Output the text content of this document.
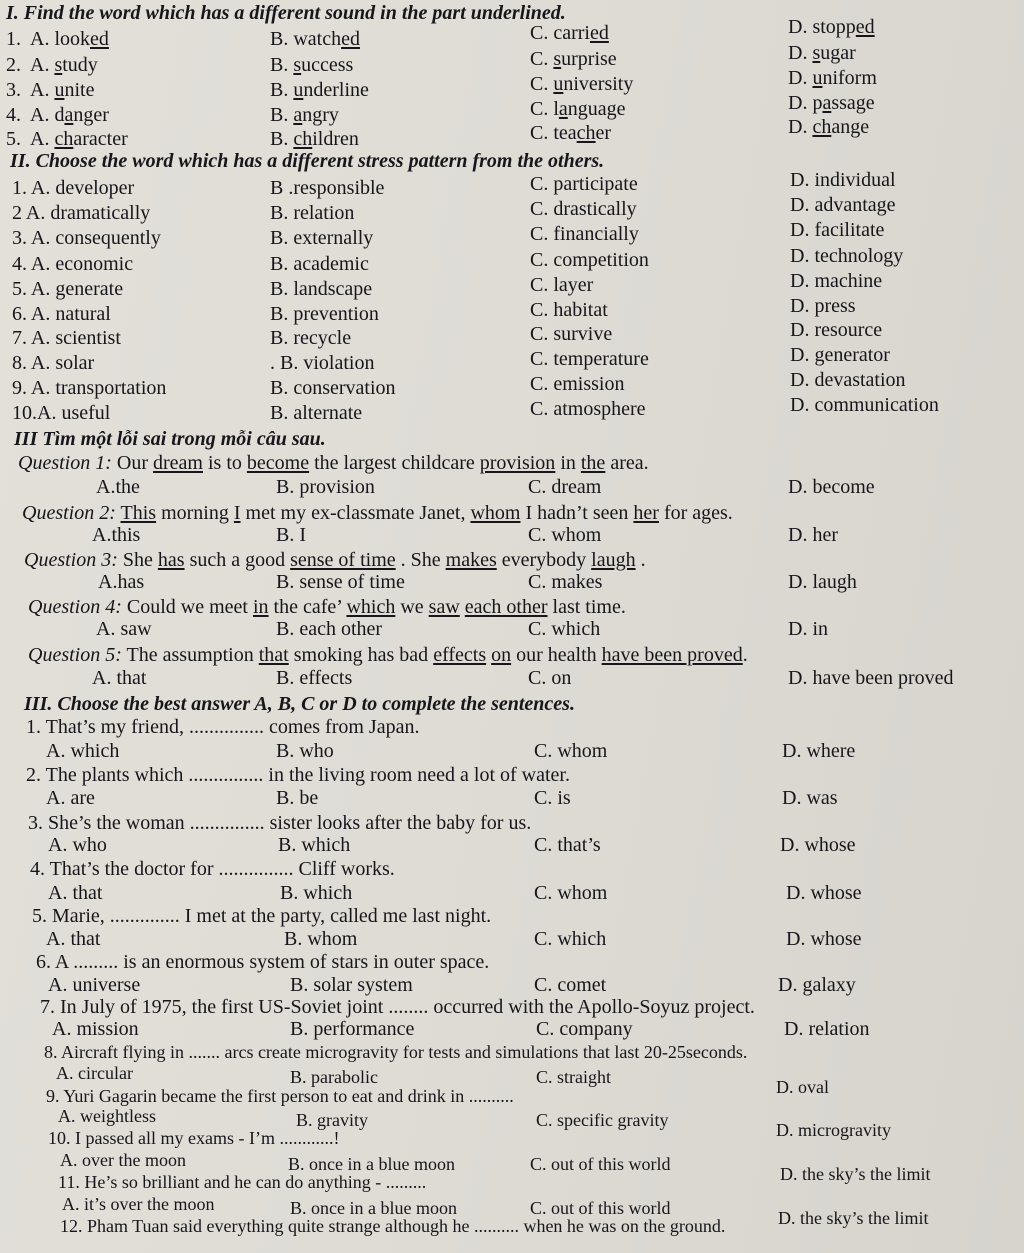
I. Find the word which has a different sound in the part underlined.
1. A. looked	B. watched	C. carried	D. stopped
2. A. study	B. success	C. surprise	D. sugar
3. A. unite	B. underline	C. university	D. uniform
4. A. danger	B. angry	C. language	D. passage
5. A. character	B. children	C. teacher	D. change
II. Choose the word which has a different stress pattern from the others.
1. A. developer	B .responsible	C. participate	D. individual
2 A. dramatically	B. relation	C. drastically	D. advantage
3. A. consequently	B. externally	C. financially	D. facilitate
4. A. economic	B. academic	C. competition	D. technology
5. A. generate	B. landscape	C. layer	D. machine
6. A. natural	B. prevention	C. habitat	D. press
7. A. scientist	B. recycle	C. survive	D. resource
8. A. solar	. B. violation	C. temperature	D. generator
9. A. transportation	B. conservation	C. emission	D. devastation
10.A. useful	B. alternate	C. atmosphere	D. communication
III Tìm một lỗi sai trong mỗi câu sau.
Question 1: Our dream is to become the largest childcare provision in the area.
A.the	B. provision	C. dream	D. become
Question 2: This morning I met my ex-classmate Janet, whom I hadn’t seen her for ages.
A.this	B. I	C. whom	D. her
Question 3: She has such a good sense of time . She makes everybody laugh .
A.has	B. sense of time	C. makes	D. laugh
Question 4: Could we meet in the cafe’ which we saw each other last time.
A. saw	B. each other	C. which	D. in
Question 5: The assumption that smoking has bad effects on our health have been proved.
A. that	B. effects	C. on	D. have been proved
III. Choose the best answer A, B, C or D to complete the sentences.
1. That’s my friend, ............... comes from Japan.
A. which	B. who	C. whom	D. where
2. The plants which ............... in the living room need a lot of water.
A. are	B. be	C. is	D. was
3. She’s the woman ............... sister looks after the baby for us.
A. who	B. which	C. that’s	D. whose
4. That’s the doctor for ............... Cliff works.
A. that	B. which	C. whom	D. whose
5. Marie, .............. I met at the party, called me last night.
A. that	B. whom	C. which	D. whose
6. A ......... is an enormous system of stars in outer space.
A. universe	B. solar system	C. comet	D. galaxy
7. In July of 1975, the first US-Soviet joint ........ occurred with the Apollo-Soyuz project.
A. mission	B. performance	C. company	D. relation
8. Aircraft flying in ....... arcs create microgravity for tests and simulations that last 20-25seconds.
A. circular	B. parabolic	C. straight	D. oval
9. Yuri Gagarin became the first person to eat and drink in ..........
A. weightless	B. gravity	C. specific gravity	D. microgravity
10. I passed all my exams - I’m ............!
A. over the moon	B. once in a blue moon	C. out of this world	D. the sky’s the limit
11. He’s so brilliant and he can do anything - .........
A. it’s over the moon	B. once in a blue moon	C. out of this world	D. the sky’s the limit
12. Pham Tuan said everything quite strange although he .......... when he was on the ground.
